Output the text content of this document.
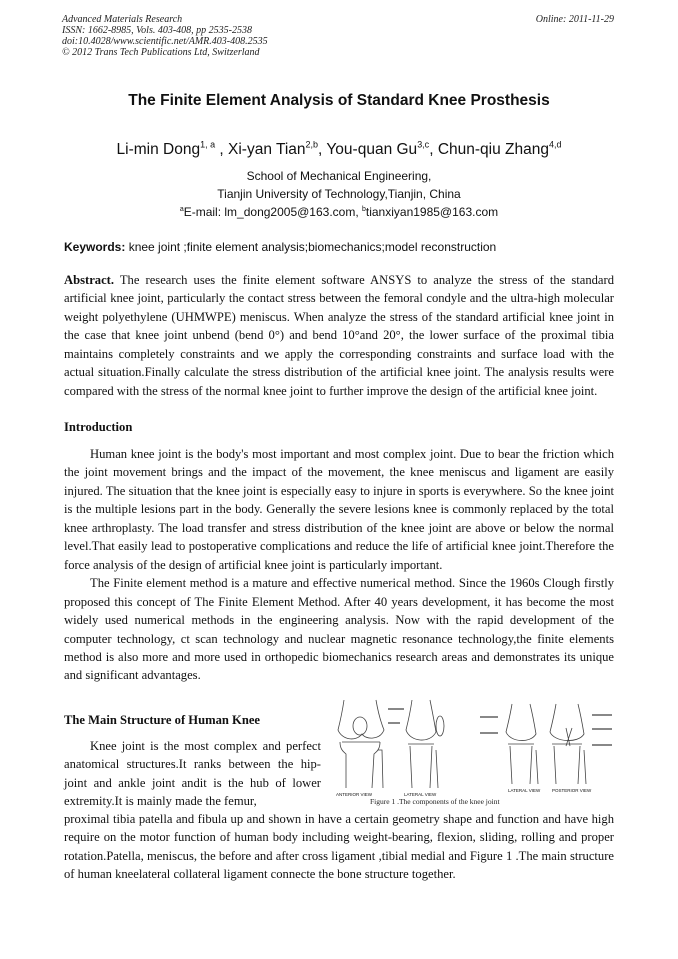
Advanced Materials Research
ISSN: 1662-8985, Vols. 403-408, pp 2535-2538
doi:10.4028/www.scientific.net/AMR.403-408.2535
© 2012 Trans Tech Publications Ltd, Switzerland
Online: 2011-11-29
The Finite Element Analysis of Standard Knee Prosthesis
Li-min Dong$^{1, a}$ , Xi-yan Tian$^{2,b}$, You-quan Gu$^{3,c}$, Chun-qiu Zhang$^{4,d}$
School of Mechanical Engineering,
Tianjin University of Technology,Tianjin, China
$^a$E-mail: lm_dong2005@163.com, $^b$tianxiyan1985@163.com
Keywords: knee joint ;finite element analysis;biomechanics;model reconstruction
Abstract. The research uses the finite element software ANSYS to analyze the stress of the standard artificial knee joint, particularly the contact stress between the femoral condyle and the ultra-high molecular weight polyethylene (UHMWPE) meniscus. When analyze the stress of the standard artificial knee joint in the case that knee joint unbend (bend 0°) and bend 10°and 20°, the lower surface of the proximal tibia maintains completely constraints and we apply the corresponding constraints and surface load with the actual situation.Finally calculate the stress distribution of the artificial knee joint. The analysis results were compared with the stress of the normal knee joint to further improve the design of the artificial knee joint.
Introduction

Human knee joint is the body's most important and most complex joint. Due to bear the friction which the joint movement brings and the impact of the movement, the knee meniscus and ligament are easily injured. The situation that the knee joint is especially easy to injure in sports is everywhere. So the knee joint is the multiple lesions part in the body. Generally the severe lesions knee is commonly replaced by the total knee arthroplasty. The load transfer and stress distribution of the knee joint are above or below the normal level.That easily lead to postoperative complications and reduce the life of artificial knee joint.Therefore the force analysis of the design of artificial knee joint is particularly important.

The Finite element method is a mature and effective numerical method. Since the 1960s Clough firstly proposed this concept of The Finite Element Method. After 40 years development, it has become the most widely used numerical methods in the engineering analysis. Now with the rapid development of the computer technology, ct scan technology and nuclear magnetic resonance technology,the finite elements method is also more and more used in orthopedic biomechanics research areas and demonstrates its unique and significant advantages.

The Main Structure of Human Knee
Knee joint is the most complex and perfect anatomical structures.It ranks between the hip-joint and ankle joint andit is the hub of lower extremity.It is mainly made the femur,	ANTERIOR VIEW	LATERAL VIEW
LATERAL VIEW	POSTERIOR VIEW
Figure 1 .The components of the knee joint
proximal tibia patella and fibula up and shown in have a certain geometry shape and function and have high require on the motor function of human body including weight-bearing, flexion, sliding, rolling and proper rotation.Patella, meniscus, the before and after cross ligament ,tibial medial and Figure 1 .The main structure of human kneelateral collateral ligament connecte the bone structure together.
